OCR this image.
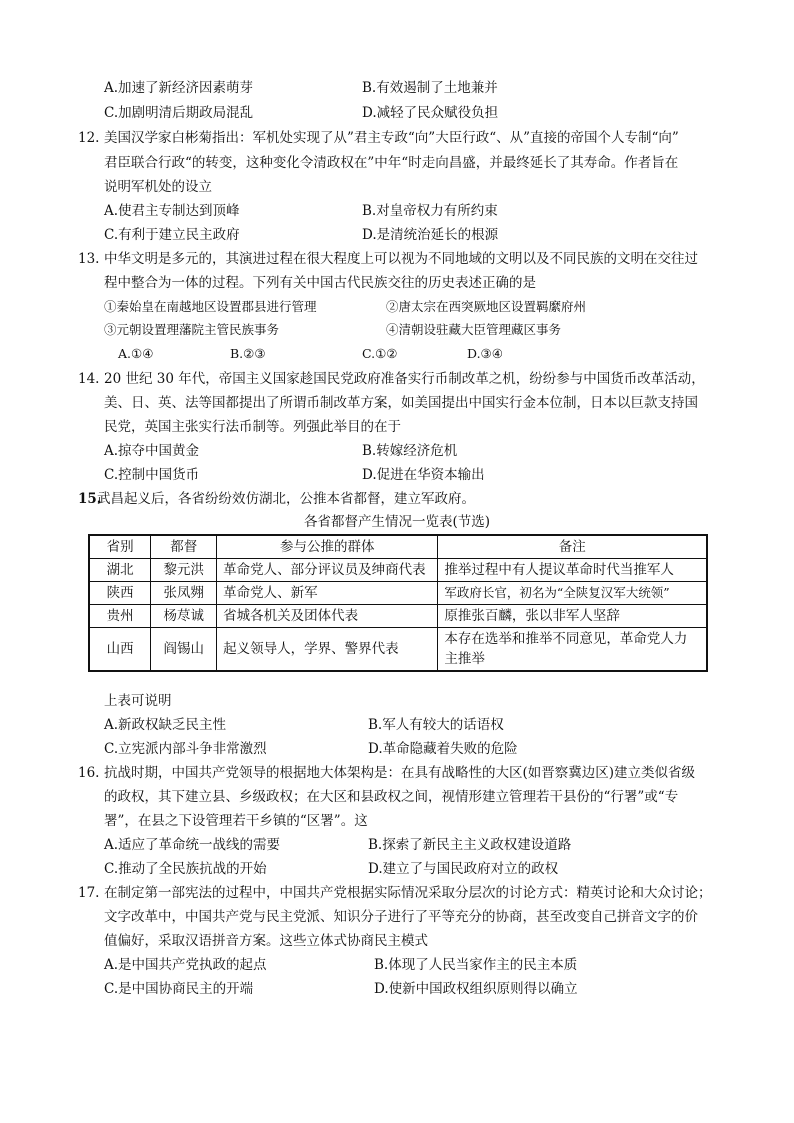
A.加速了新经济因素萌芽	B.有效遏制了土地兼并
C.加剧明清后期政局混乱	D.减轻了民众赋役负担
12. 美国汉学家白彬菊指出：军机处实现了从”君主专政“向”大臣行政“、从”直接的帝国个人专制“向”
君臣联合行政“的转变，这种变化令清政权在”中年“时走向昌盛，并最终延长了其寿命。作者旨在
说明军机处的设立
A.使君主专制达到顶峰	B.对皇帝权力有所约束
C.有利于建立民主政府	D.是清统治延长的根源
13. 中华文明是多元的，其演进过程在很大程度上可以视为不同地域的文明以及不同民族的文明在交往过
程中整合为一体的过程。下列有关中国古代民族交往的历史表述正确的是
①秦始皇在南越地区设置郡县进行管理	②唐太宗在西突厥地区设置羁縻府州
③元朝设置理藩院主管民族事务	④清朝设驻藏大臣管理藏区事务
A.①④	B.②③	C.①②	D.③④
14. 20 世纪 30 年代，帝国主义国家趁国民党政府准备实行币制改革之机，纷纷参与中国货币改革活动，
美、日、英、法等国都提出了所谓币制改革方案，如美国提出中国实行金本位制，日本以巨款支持国
民党，英国主张实行法币制等。列强此举目的在于
A.掠夺中国黄金	B.转嫁经济危机
C.控制中国货币	D.促进在华资本输出
15.
武昌起义后，各省纷纷效仿湖北，公推本省都督，建立军政府。
各省都督产生情况一览表(节选)
省别	都督	参与公推的群体	备注
湖北	黎元洪	革命党人、部分评议员及绅商代表	推举过程中有人提议革命时代当推军人
陕西	张凤翙	革命党人、新军	军政府长官，初名为“全陕复汉军大统领”
贵州	杨荩诚	省城各机关及团体代表	原推张百麟，张以非军人坚辞
山西	阎锡山	起义领导人，学界、警界代表	本存在选举和推举不同意见，革命党人力主推举
上表可说明
A.新政权缺乏民主性	B.军人有较大的话语权
C.立宪派内部斗争非常激烈	D.革命隐藏着失败的危险
16. 抗战时期，中国共产党领导的根据地大体架构是：在具有战略性的大区(如晋察冀边区)建立类似省级
的政权，其下建立县、乡级政权；在大区和县政权之间，视情形建立管理若干县份的“行署”或“专
署”，在县之下设管理若干乡镇的“区署”。这
A.适应了革命统一战线的需要	B.探索了新民主主义政权建设道路
C.推动了全民族抗战的开始	D.建立了与国民政府对立的政权
17. 在制定第一部宪法的过程中，中国共产党根据实际情况采取分层次的讨论方式：精英讨论和大众讨论；
文字改革中，中国共产党与民主党派、知识分子进行了平等充分的协商，甚至改变自己拼音文字的价
值偏好，采取汉语拼音方案。这些立体式协商民主模式
A.是中国共产党执政的起点	B.体现了人民当家作主的民主本质
C.是中国协商民主的开端	D.使新中国政权组织原则得以确立
